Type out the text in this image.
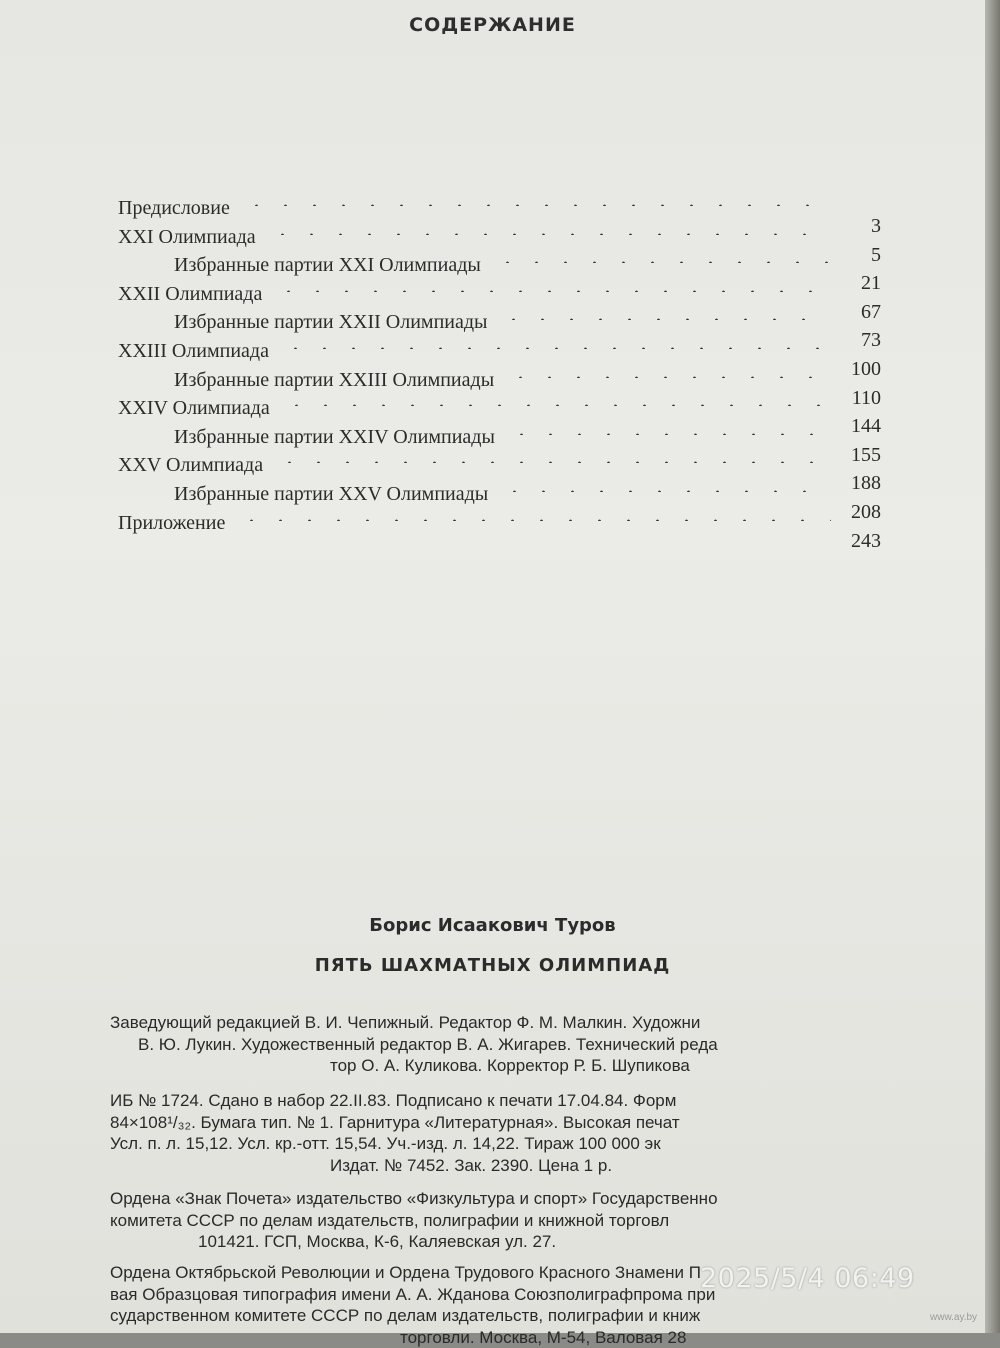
СОДЕРЖАНИЕ
Предисловие
3
XXI Олимпиада
5
Избранные партии XXI Олимпиады
21
XXII Олимпиада
67
Избранные партии XXII Олимпиады
73
XXIII Олимпиада
100
Избранные партии XXIII Олимпиады
110
XXIV Олимпиада
144
Избранные партии XXIV Олимпиады
155
XXV Олимпиада
188
Избранные партии XXV Олимпиады
208
Приложение
243
Борис Исаакович Туров
ПЯТЬ ШАХМАТНЫХ ОЛИМПИАД
Заведующий редакцией В. И. Чепижный. Редактор Ф. М. Малкин. Художни
В. Ю. Лукин. Художественный редактор В. А. Жигарев. Технический реда
тор О. А. Куликова. Корректор Р. Б. Шупикова
ИБ № 1724. Сдано в набор 22.II.83. Подписано к печати 17.04.84. Форм
84×108¹/₃₂. Бумага тип. № 1. Гарнитура «Литературная». Высокая печат
Усл. п. л. 15,12. Усл. кр.-отт. 15,54. Уч.-изд. л. 14,22. Тираж 100 000 эк
Издат. № 7452. Зак. 2390. Цена 1 р.
Ордена «Знак Почета» издательство «Физкультура и спорт» Государственно
комитета СССР по делам издательств, полиграфии и книжной торговл
101421. ГСП, Москва, К-6, Каляевская ул. 27.
Ордена Октябрьской Революции и Ордена Трудового Красного Знамени П
вая Образцовая типография имени А. А. Жданова Союзполиграфпрома при
сударственном комитете СССР по делам издательств, полиграфии и книж
торговли. Москва, М-54, Валовая 28
2025/5/4 06:49
www.ay.by
